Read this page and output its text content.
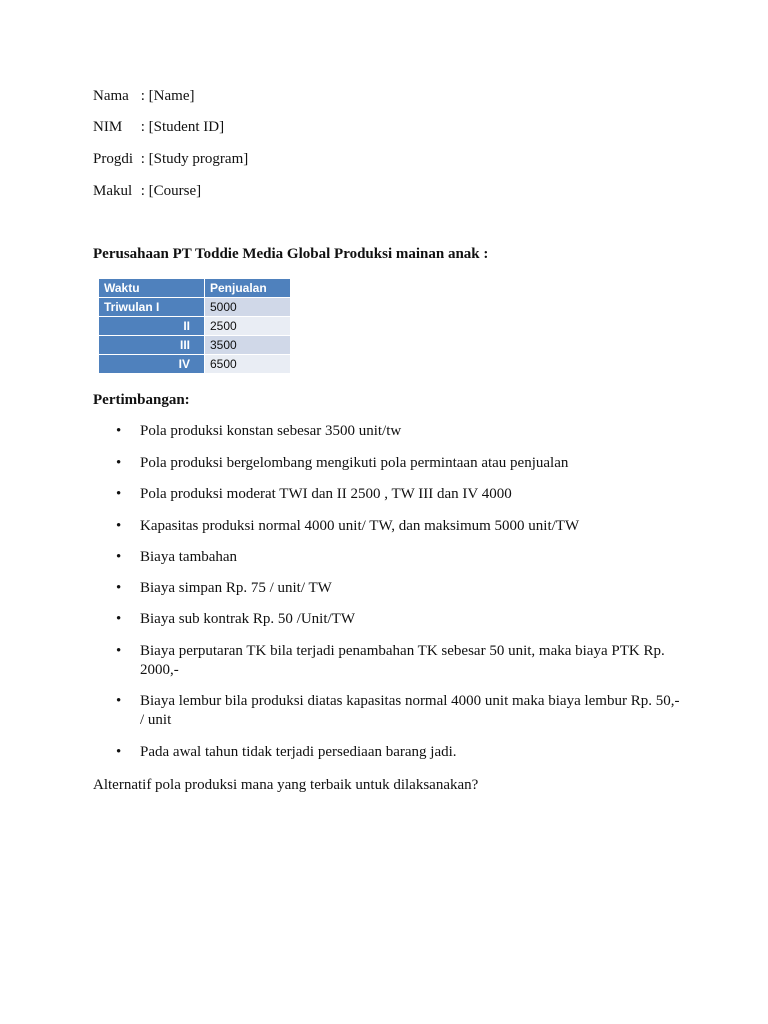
Nama : [Name]
NIM : [Student ID]
Progdi : [Study program]
Makul : [Course]
Perusahaan PT Toddie Media Global Produksi mainan anak :
Waktu	Penjualan
Triwulan I	5000
II	2500
III	3500
IV	6500
Pertimbangan:
• Pola produksi konstan sebesar 3500 unit/tw
• Pola produksi bergelombang mengikuti pola permintaan atau penjualan
• Pola produksi moderat TWI dan II 2500 , TW III dan IV 4000
• Kapasitas produksi normal 4000 unit/ TW, dan maksimum 5000 unit/TW
• Biaya tambahan
• Biaya simpan Rp. 75 / unit/ TW
• Biaya sub kontrak Rp. 50 /Unit/TW
• Biaya perputaran TK bila terjadi penambahan TK sebesar 50 unit, maka biaya PTK Rp. 2000,-
• Biaya lembur bila produksi diatas kapasitas normal 4000 unit maka biaya lembur Rp. 50,- / unit
• Pada awal tahun tidak terjadi persediaan barang jadi.
Alternatif pola produksi mana yang terbaik untuk dilaksanakan?
